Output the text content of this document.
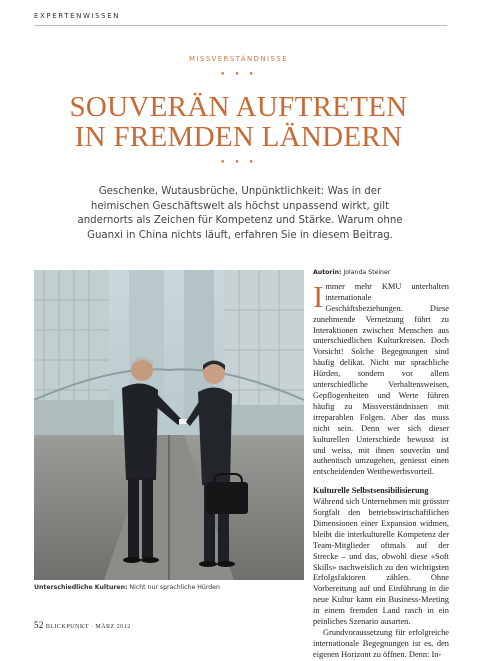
EXPERTENWISSEN
MISSVERSTÄNDNISSE
• • •
SOUVERÄN AUFTRETEN
IN FREMDEN LÄNDERN
• • •
Geschenke, Wutausbrüche, Unpünktlichkeit: Was in der
heimischen Geschäftswelt als höchst unpassend wirkt, gilt
andernorts als Zeichen für Kompetenz und Stärke. Warum ohne
Guanxi in China nichts läuft, erfahren Sie in diesem Beitrag.
Unterschiedliche Kulturen: Nicht nur sprachliche Hürden

Autorin: Jolanda Steiner

Immer mehr KMU unterhalten internationale Geschäftsbeziehungen. Diese zunehmende Vernetzung führt zu Interaktionen zwischen Menschen aus unterschiedlichen Kulturkreisen. Doch Vorsicht! Solche Begegnungen sind häufig delikat. Nicht nur sprachliche Hürden, sondern vor allem unterschiedliche Verhaltensweisen, Gepflogenheiten und Werte führen häufig zu Missverständnissen mit irreparablen Folgen. Aber das muss nicht sein. Denn wer sich dieser kulturellen Unterschiede bewusst ist und weiss, mit ihnen souverän und authentisch umzugehen, geniesst einen entscheidenden Wettbewerbsvorteil.

Kulturelle Selbstsensibilisierung

Während sich Unternehmen mit grösster Sorgfalt den betriebswirtschaftlichen Dimensionen einer Expansion widmen, bleibt die interkulturelle Kompetenz der Team-Mitglieder oftmals auf der Strecke – und das, obwohl diese «Soft Skills» nachweislich zu den wichtigsten Erfolgsfaktoren zählen. Ohne Vorbereitung auf und Einführung in die neue Kultur kann ein Business-Meeting in einem fremden Land rasch in ein peinliches Szenario ausarten.

Grundvoraussetzung für erfolgreiche internationale Begegnungen ist es, den eigenen Horizont zu öffnen. Denn: In-

52 BLICKPUNKT · MÄRZ 2012
